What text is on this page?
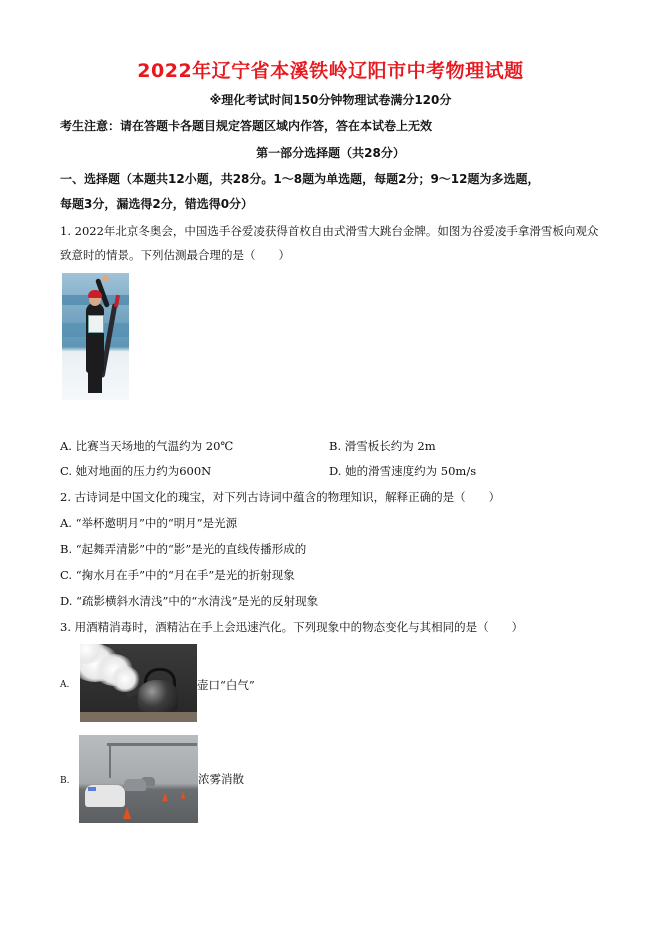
2022年辽宁省本溪铁岭辽阳市中考物理试题
※理化考试时间150分钟物理试卷满分120分
考生注意：请在答题卡各题目规定答题区域内作答，答在本试卷上无效
第一部分选择题（共28分）
一、选择题（本题共12小题，共28分。1～8题为单选题，每题2分；9～12题为多选题，
每题3分，漏选得2分，错选得0分）
1. 2022年北京冬奥会，中国选手谷爱凌获得首枚自由式滑雪大跳台金牌。如图为谷爱凌手拿滑雪板向观众
致意时的情景。下列估测最合理的是（　　）
A. 比赛当天场地的气温约为 20℃	B. 滑雪板长约为 2m
C. 她对地面的压力约为600N	D. 她的滑雪速度约为 50m/s
2. 古诗词是中国文化的瑰宝，对下列古诗词中蕴含的物理知识，解释正确的是（　　）
A. “举杯邀明月”中的“明月”是光源
B. “起舞弄清影”中的“影”是光的直线传播形成的
C. “掬水月在手”中的“月在手”是光的折射现象
D. “疏影横斜水清浅”中的“水清浅”是光的反射现象
3. 用酒精消毒时，酒精沾在手上会迅速汽化。下列现象中的物态变化与其相同的是（　　）
A.	壶口“白气”
B.	浓雾消散
